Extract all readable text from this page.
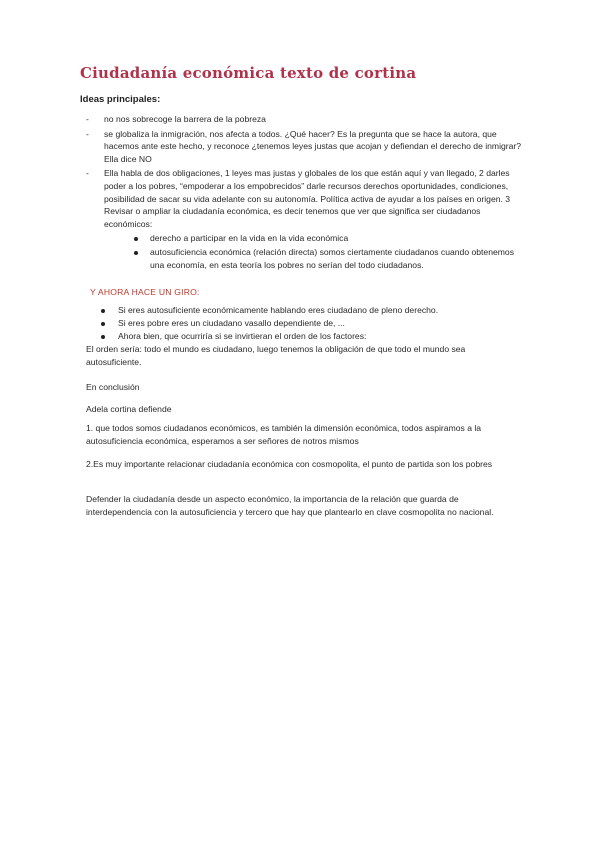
Ciudadanía económica texto de cortina
Ideas principales:
- no nos sobrecoge la barrera de la pobreza
- se globaliza la inmigración, nos afecta a todos. ¿Qué hacer? Es la pregunta que se hace la autora, que hacemos ante este hecho, y reconoce ¿tenemos leyes justas que acojan y defiendan el derecho de inmigrar? Ella dice NO
- Ella habla de dos obligaciones, 1 leyes mas justas y globales de los que están aquí y van llegado, 2 darles poder a los pobres, “empoderar a los empobrecidos” darle recursos derechos oportunidades, condiciones, posibilidad de sacar su vida adelante con su autonomía. Política activa de ayudar a los países en origen. 3 Revisar o ampliar la ciudadanía económica, es decir tenemos que ver que significa ser ciudadanos económicos:
derecho a participar en la vida en la vida económica
autosuficiencia económica (relación directa) somos ciertamente ciudadanos cuando obtenemos una economía, en esta teoría los pobres no serían del todo ciudadanos.
Y AHORA HACE UN GIRO:
Si eres autosuficiente económicamente hablando eres ciudadano de pleno derecho.
Si eres pobre eres un ciudadano vasallo dependiente de, ...
Ahora bien, que ocurriría si se invirtieran el orden de los factores:
El orden sería: todo el mundo es ciudadano, luego tenemos la obligación de que todo el mundo sea autosuficiente.
En conclusión
Adela cortina defiende
1. que todos somos ciudadanos económicos, es también la dimensión económica, todos aspiramos a la autosuficiencia económica, esperamos a ser señores de notros mismos
2.Es muy importante relacionar ciudadanía económica con cosmopolita, el punto de partida son los pobres
Defender la ciudadanía desde un aspecto económico, la importancia de la relación que guarda de interdependencia con la autosuficiencia y tercero que hay que plantearlo en clave cosmopolita no nacional.
